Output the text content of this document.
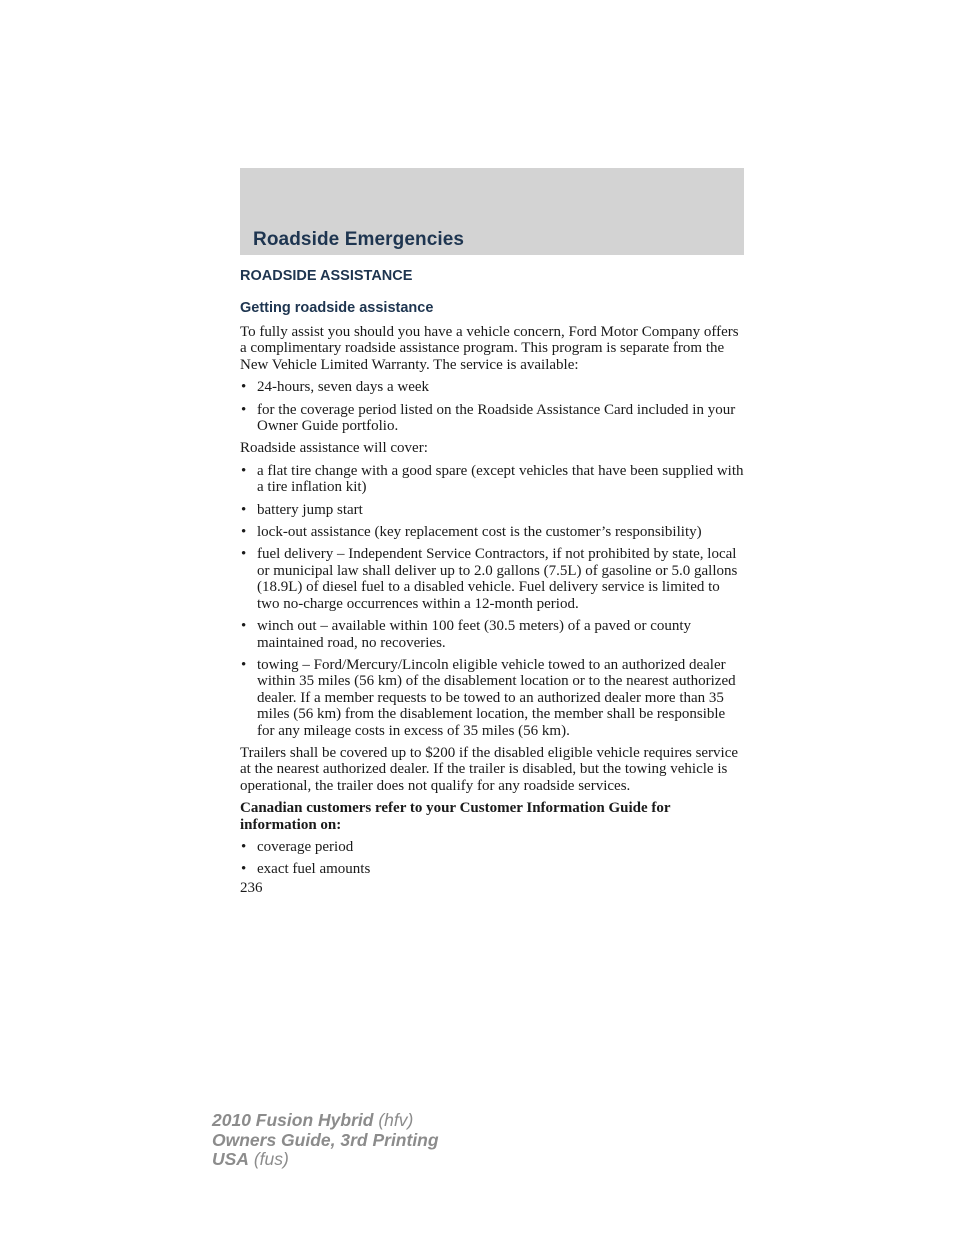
Roadside Emergencies
ROADSIDE ASSISTANCE
Getting roadside assistance

To fully assist you should you have a vehicle concern, Ford Motor Company offers a complimentary roadside assistance program. This program is separate from the New Vehicle Limited Warranty. The service is available:

• 24-hours, seven days a week
• for the coverage period listed on the Roadside Assistance Card included in your Owner Guide portfolio.

Roadside assistance will cover:

• a flat tire change with a good spare (except vehicles that have been supplied with a tire inflation kit)
• battery jump start
• lock-out assistance (key replacement cost is the customer’s responsibility)
• fuel delivery – Independent Service Contractors, if not prohibited by state, local or municipal law shall deliver up to 2.0 gallons (7.5L) of gasoline or 5.0 gallons (18.9L) of diesel fuel to a disabled vehicle. Fuel delivery service is limited to two no-charge occurrences within a 12-month period.
• winch out – available within 100 feet (30.5 meters) of a paved or county maintained road, no recoveries.
• towing – Ford/Mercury/Lincoln eligible vehicle towed to an authorized dealer within 35 miles (56 km) of the disablement location or to the nearest authorized dealer. If a member requests to be towed to an authorized dealer more than 35 miles (56 km) from the disablement location, the member shall be responsible for any mileage costs in excess of 35 miles (56 km).

Trailers shall be covered up to $200 if the disabled eligible vehicle requires service at the nearest authorized dealer. If the trailer is disabled, but the towing vehicle is operational, the trailer does not qualify for any roadside services.

Canadian customers refer to your Customer Information Guide for information on:

• coverage period
• exact fuel amounts
236
2010 Fusion Hybrid (hfv)
Owners Guide, 3rd Printing
USA (fus)
